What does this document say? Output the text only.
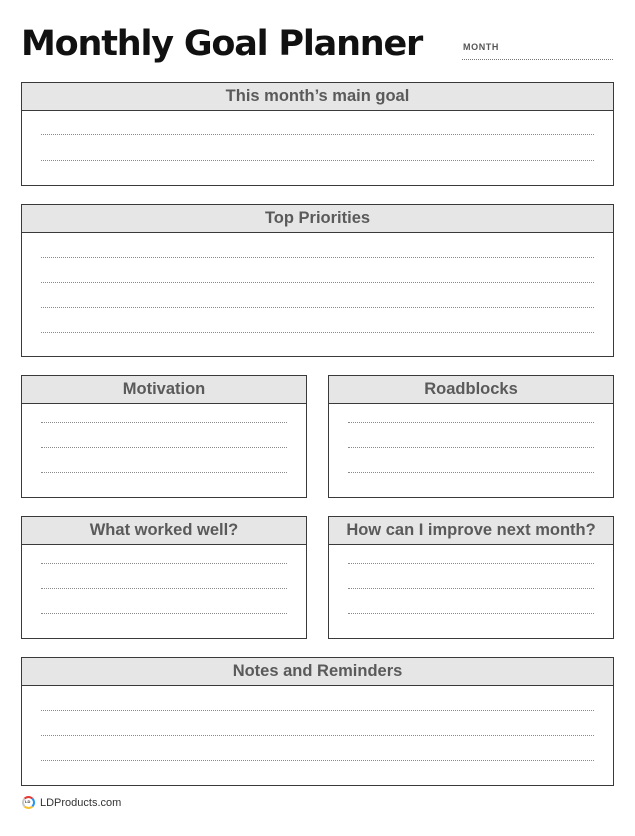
Monthly Goal Planner	MONTH
This month’s main goal
Top Priorities
Motivation	Roadblocks
What worked well?	How can I improve next month?
Notes and Reminders
LD LDProducts.com
